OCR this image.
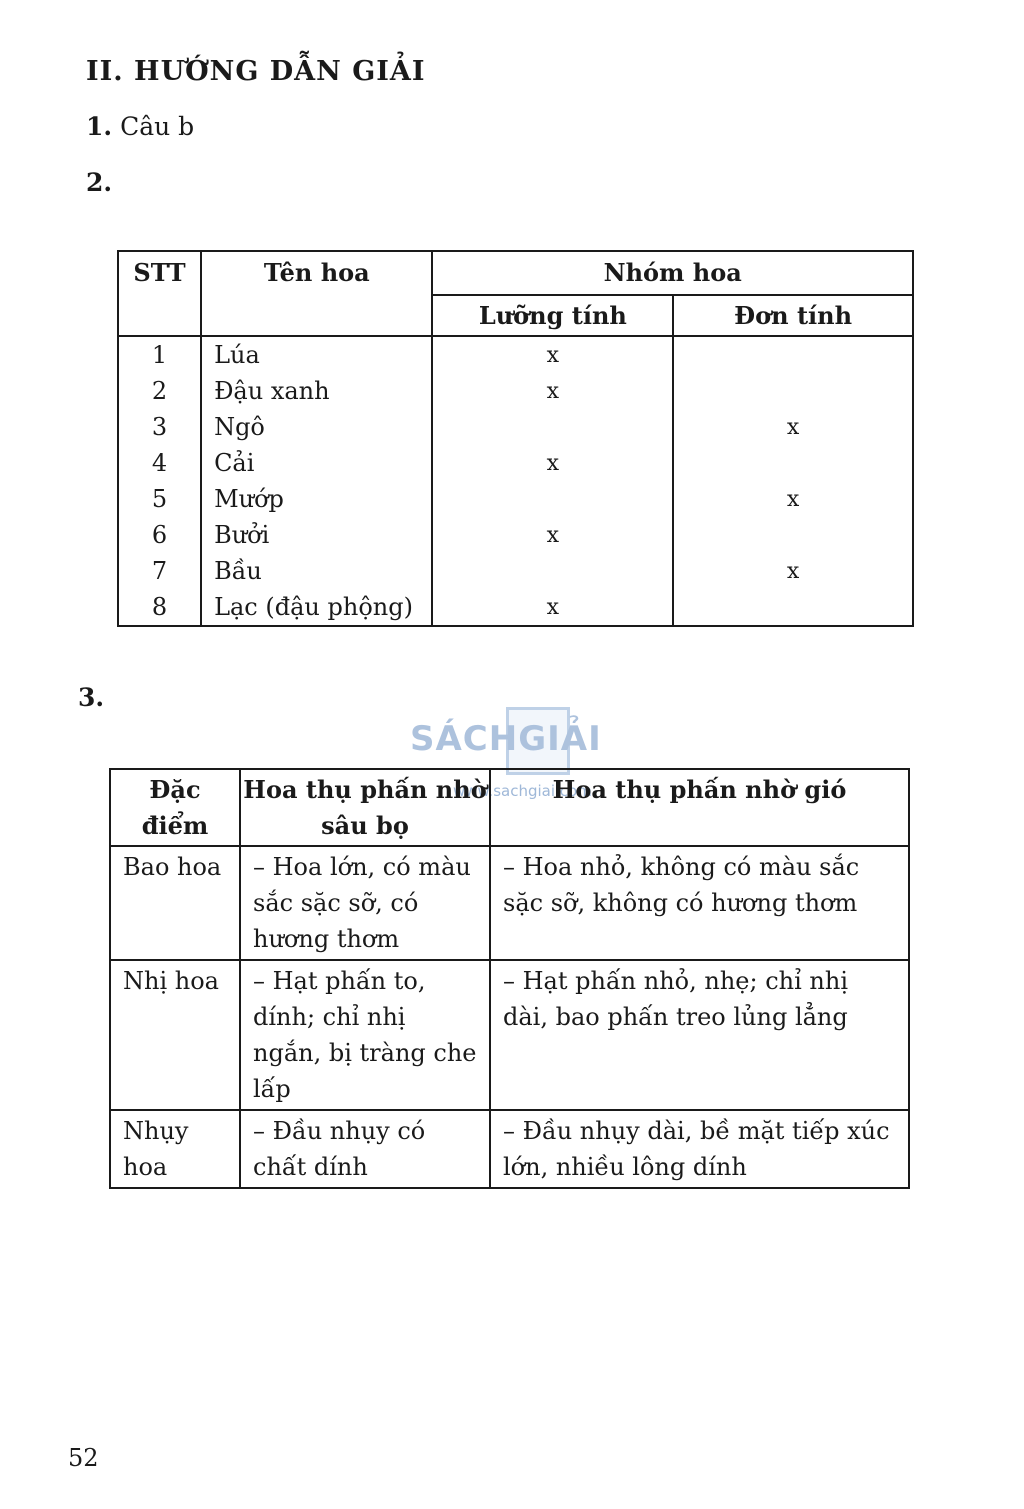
II. HƯỚNG DẪN GIẢI
1. Câu b
2.
STT	Tên hoa	Nhóm hoa	
		Lưỡng tính	Đơn tính
1	Lúa	x	
2	Đậu xanh	x	
3	Ngô		x
4	Cải	x	
5	Mướp		x
6	Bưởi	x	
7	Bầu		x
8	Lạc (đậu phộng)	x	
3.
SÁCHGIẢI
www.sachgiai.com
Đặc điểm	Hoa thụ phấn nhờ sâu bọ	Hoa thụ phấn nhờ gió
Bao hoa	– Hoa lớn, có màu sắc sặc sỡ, có hương thơm	– Hoa nhỏ, không có màu sắc sặc sỡ, không có hương thơm
Nhị hoa	– Hạt phấn to, dính; chỉ nhị ngắn, bị tràng che lấp	– Hạt phấn nhỏ, nhẹ; chỉ nhị dài, bao phấn treo lủng lẳng
Nhụy hoa	– Đầu nhụy có chất dính	– Đầu nhụy dài, bề mặt tiếp xúc lớn, nhiều lông dính
52
